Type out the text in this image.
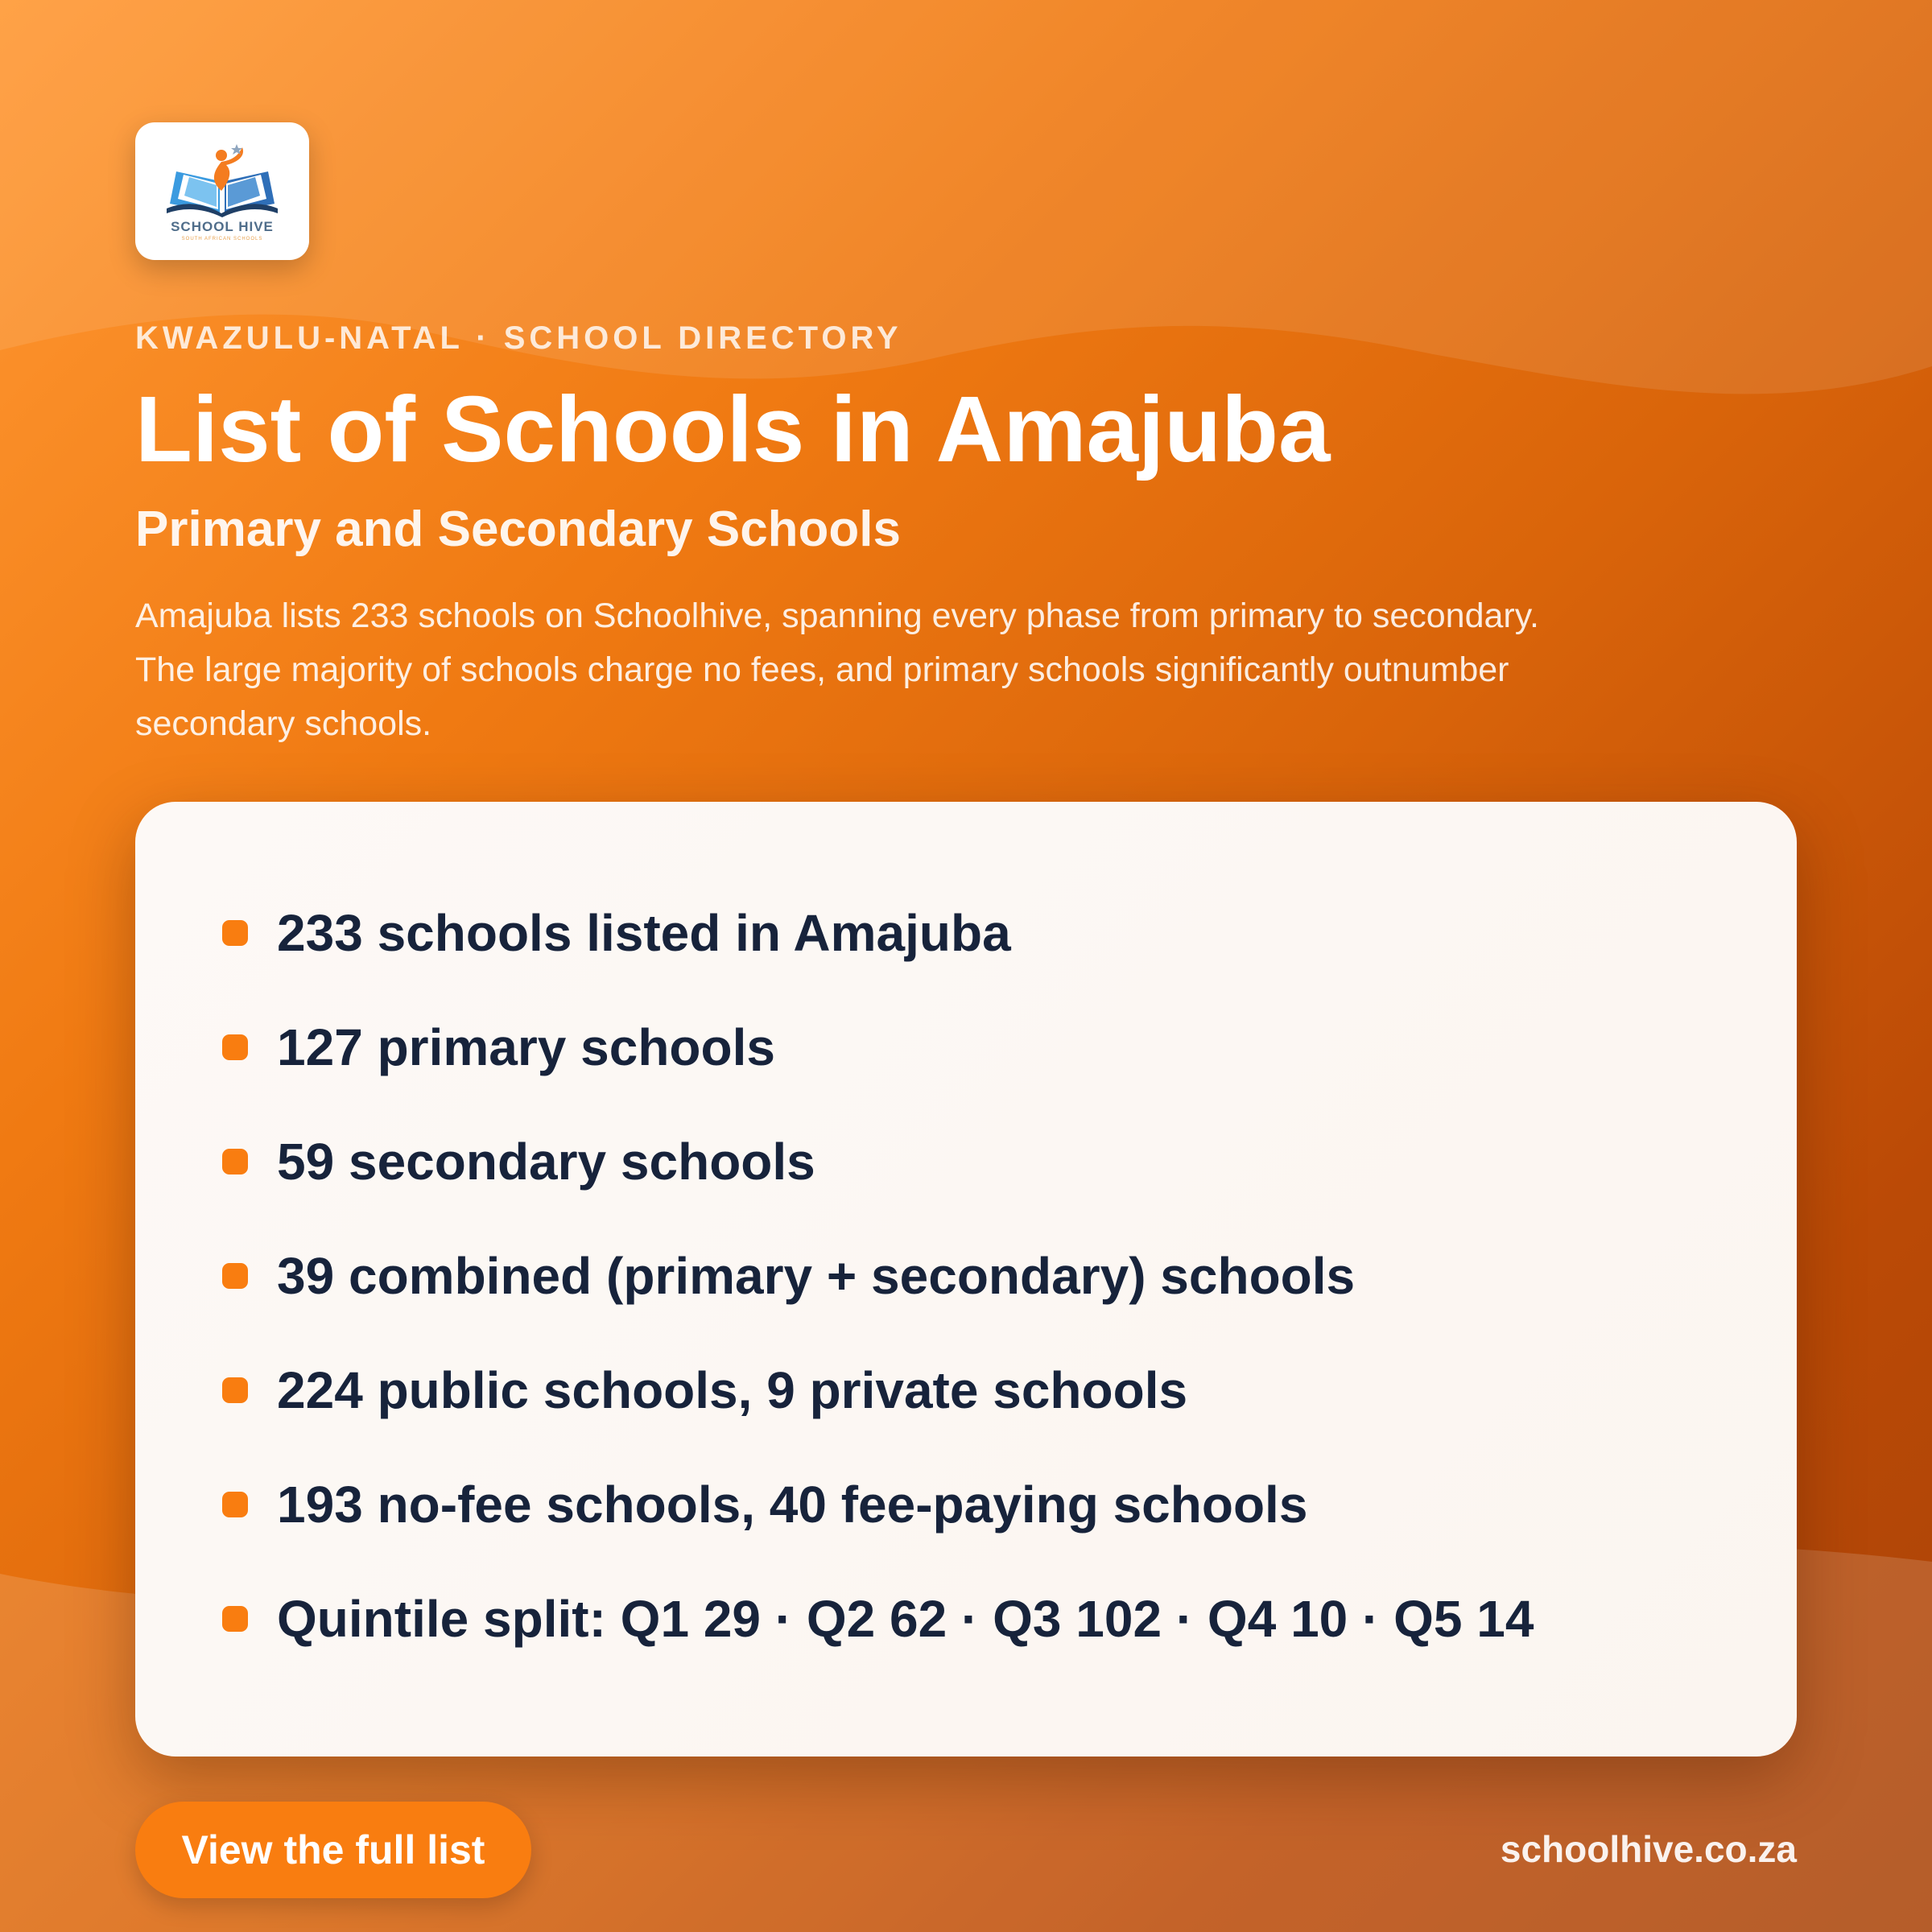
SCHOOL HIVE
SOUTH AFRICAN SCHOOLS
KWAZULU-NATAL · SCHOOL DIRECTORY
List of Schools in Amajuba
Primary and Secondary Schools

Amajuba lists 233 schools on Schoolhive, spanning every phase from primary to secondary. The large majority of schools charge no fees, and primary schools significantly outnumber secondary schools.

233 schools listed in Amajuba
127 primary schools
59 secondary schools
39 combined (primary + secondary) schools
224 public schools, 9 private schools
193 no-fee schools, 40 fee-paying schools
Quintile split: Q1 29 · Q2 62 · Q3 102 · Q4 10 · Q5 14
View the full list	schoolhive.co.za
